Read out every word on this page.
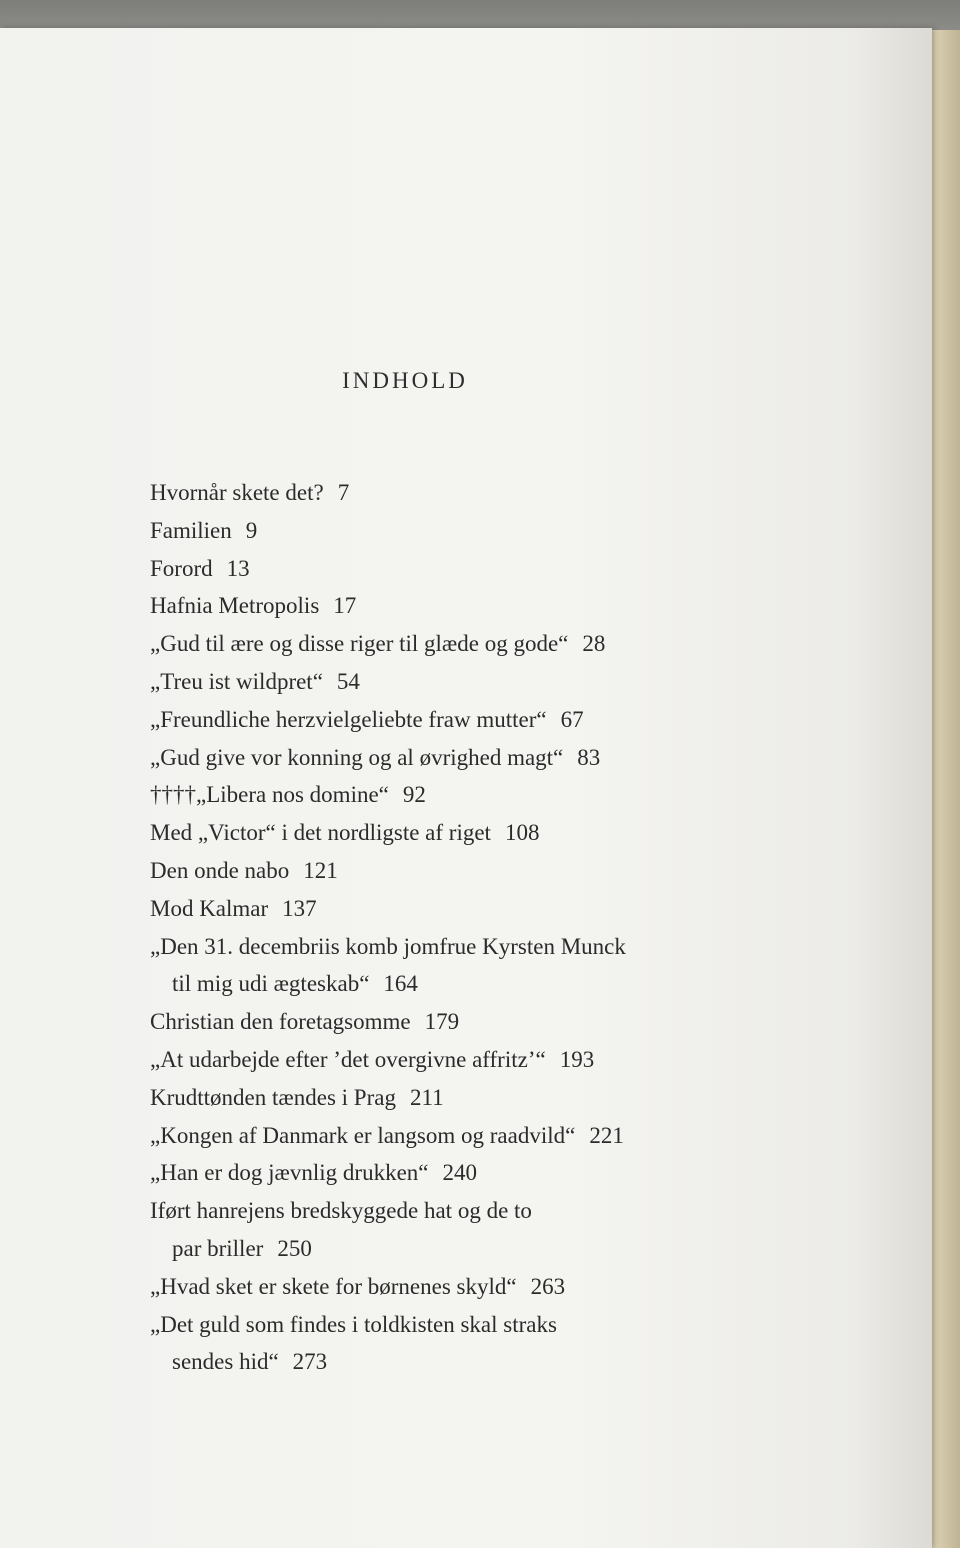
INDHOLD
Hvornår skete det? 7
Familien 9
Forord 13
Hafnia Metropolis 17
„Gud til ære og disse riger til glæde og gode“ 28
„Treu ist wildpret“ 54
„Freundliche herzvielgeliebte fraw mutter“ 67
„Gud give vor konning og al øvrighed magt“ 83
††††„Libera nos domine“ 92
Med „Victor“ i det nordligste af riget 108
Den onde nabo 121
Mod Kalmar 137
„Den 31. decembriis komb jomfrue Kyrsten Munck
til mig udi ægteskab“ 164
Christian den foretagsomme 179
„At udarbejde efter ’det overgivne affritz’“ 193
Krudttønden tændes i Prag 211
„Kongen af Danmark er langsom og raadvild“ 221
„Han er dog jævnlig drukken“ 240
Iført hanrejens bredskyggede hat og de to
par briller 250
„Hvad sket er skete for børnenes skyld“ 263
„Det guld som findes i toldkisten skal straks
sendes hid“ 273
